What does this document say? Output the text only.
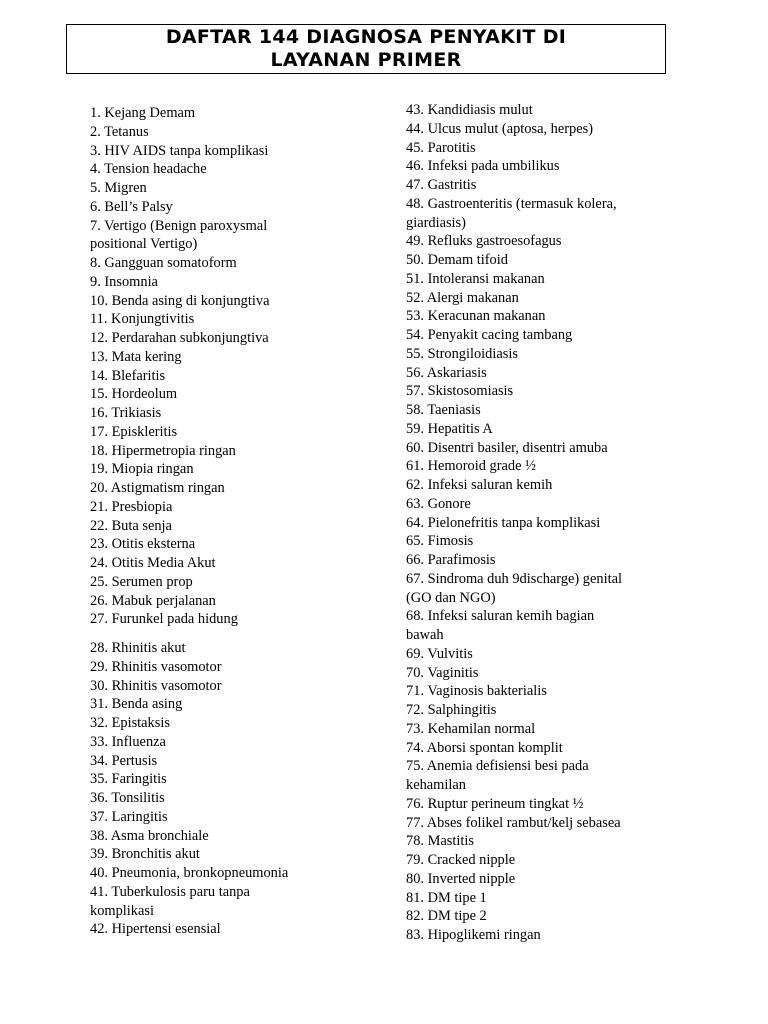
DAFTAR 144 DIAGNOSA PENYAKIT DI
LAYANAN PRIMER
1. Kejang Demam
2. Tetanus
3. HIV AIDS tanpa komplikasi
4. Tension headache
5. Migren
6. Bell’s Palsy
7. Vertigo (Benign paroxysmal
positional Vertigo)
8. Gangguan somatoform
9. Insomnia
10. Benda asing di konjungtiva
11. Konjungtivitis
12. Perdarahan subkonjungtiva
13. Mata kering
14. Blefaritis
15. Hordeolum
16. Trikiasis
17. Episkleritis
18. Hipermetropia ringan
19. Miopia ringan
20. Astigmatism ringan
21. Presbiopia
22. Buta senja
23. Otitis eksterna
24. Otitis Media Akut
25. Serumen prop
26. Mabuk perjalanan
27. Furunkel pada hidung
28. Rhinitis akut
29. Rhinitis vasomotor
30. Rhinitis vasomotor
31. Benda asing
32. Epistaksis
33. Influenza
34. Pertusis
35. Faringitis
36. Tonsilitis
37. Laringitis
38. Asma bronchiale
39. Bronchitis akut
40. Pneumonia, bronkopneumonia
41. Tuberkulosis paru tanpa
komplikasi
42. Hipertensi esensial
43. Kandidiasis mulut
44. Ulcus mulut (aptosa, herpes)
45. Parotitis
46. Infeksi pada umbilikus
47. Gastritis
48. Gastroenteritis (termasuk kolera,
giardiasis)
49. Refluks gastroesofagus
50. Demam tifoid
51. Intoleransi makanan
52. Alergi makanan
53. Keracunan makanan
54. Penyakit cacing tambang
55. Strongiloidiasis
56. Askariasis
57. Skistosomiasis
58. Taeniasis
59. Hepatitis A
60. Disentri basiler, disentri amuba
61. Hemoroid grade ½
62. Infeksi saluran kemih
63. Gonore
64. Pielonefritis tanpa komplikasi
65. Fimosis
66. Parafimosis
67. Sindroma duh 9discharge) genital
(GO dan NGO)
68. Infeksi saluran kemih bagian
bawah
69. Vulvitis
70. Vaginitis
71. Vaginosis bakterialis
72. Salphingitis
73. Kehamilan normal
74. Aborsi spontan komplit
75. Anemia defisiensi besi pada
kehamilan
76. Ruptur perineum tingkat ½
77. Abses folikel rambut/kelj sebasea
78. Mastitis
79. Cracked nipple
80. Inverted nipple
81. DM tipe 1
82. DM tipe 2
83. Hipoglikemi ringan
